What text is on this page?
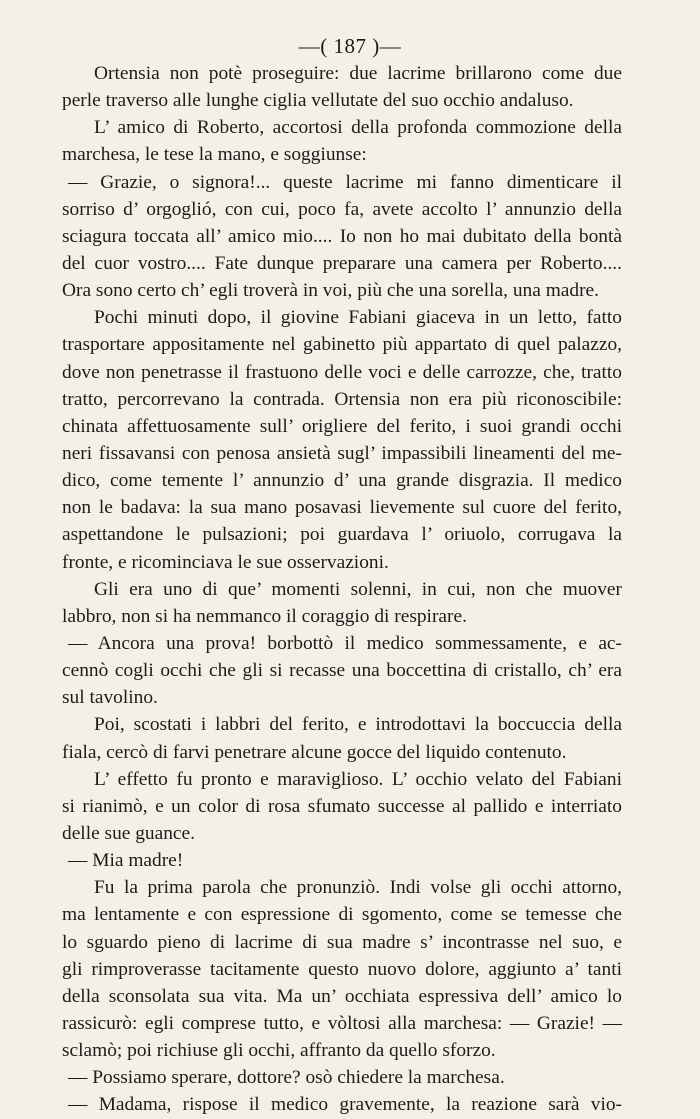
—( 187 )—
Ortensia non potè proseguire: due lacrime brillarono come due
perle traverso alle lunghe ciglia vellutate del suo occhio andaluso.
L’ amico di Roberto, accortosi della profonda commozione della
marchesa, le tese la mano, e soggiunse:
— Grazie, o signora!... queste lacrime mi fanno dimenticare il
sorriso d’ orgoglió, con cui, poco fa, avete accolto l’ annunzio della
sciagura toccata all’ amico mio.... Io non ho mai dubitato della bontà
del cuor vostro.... Fate dunque preparare una camera per Roberto....
Ora sono certo ch’ egli troverà in voi, più che una sorella, una madre.
Pochi minuti dopo, il giovine Fabiani giaceva in un letto, fatto
trasportare appositamente nel gabinetto più appartato di quel palazzo,
dove non penetrasse il frastuono delle voci e delle carrozze, che, tratto
tratto, percorrevano la contrada. Ortensia non era più riconoscibile:
chinata affettuosamente sull’ origliere del ferito, i suoi grandi occhi
neri fissavansi con penosa ansietà sugl’ impassibili lineamenti del me-
dico, come temente l’ annunzio d’ una grande disgrazia. Il medico
non le badava: la sua mano posavasi lievemente sul cuore del ferito,
aspettandone le pulsazioni; poi guardava l’ oriuolo, corrugava la
fronte, e ricominciava le sue osservazioni.
Gli era uno di que’ momenti solenni, in cui, non che muover
labbro, non si ha nemmanco il coraggio di respirare.
— Ancora una prova! borbottò il medico sommessamente, e ac-
cennò cogli occhi che gli si recasse una boccettina di cristallo, ch’ era
sul tavolino.
Poi, scostati i labbri del ferito, e introdottavi la boccuccia della
fiala, cercò di farvi penetrare alcune gocce del liquido contenuto.
L’ effetto fu pronto e maraviglioso. L’ occhio velato del Fabiani
si rianimò, e un color di rosa sfumato successe al pallido e interriato
delle sue guance.
— Mia madre!
Fu la prima parola che pronunziò. Indi volse gli occhi attorno,
ma lentamente e con espressione di sgomento, come se temesse che
lo sguardo pieno di lacrime di sua madre s’ incontrasse nel suo, e
gli rimproverasse tacitamente questo nuovo dolore, aggiunto a’ tanti
della sconsolata sua vita. Ma un’ occhiata espressiva dell’ amico lo
rassicurò: egli comprese tutto, e vòltosi alla marchesa: — Grazie! —
sclamò; poi richiuse gli occhi, affranto da quello sforzo.
— Possiamo sperare, dottore? osò chiedere la marchesa.
— Madama, rispose il medico gravemente, la reazione sarà vio-
